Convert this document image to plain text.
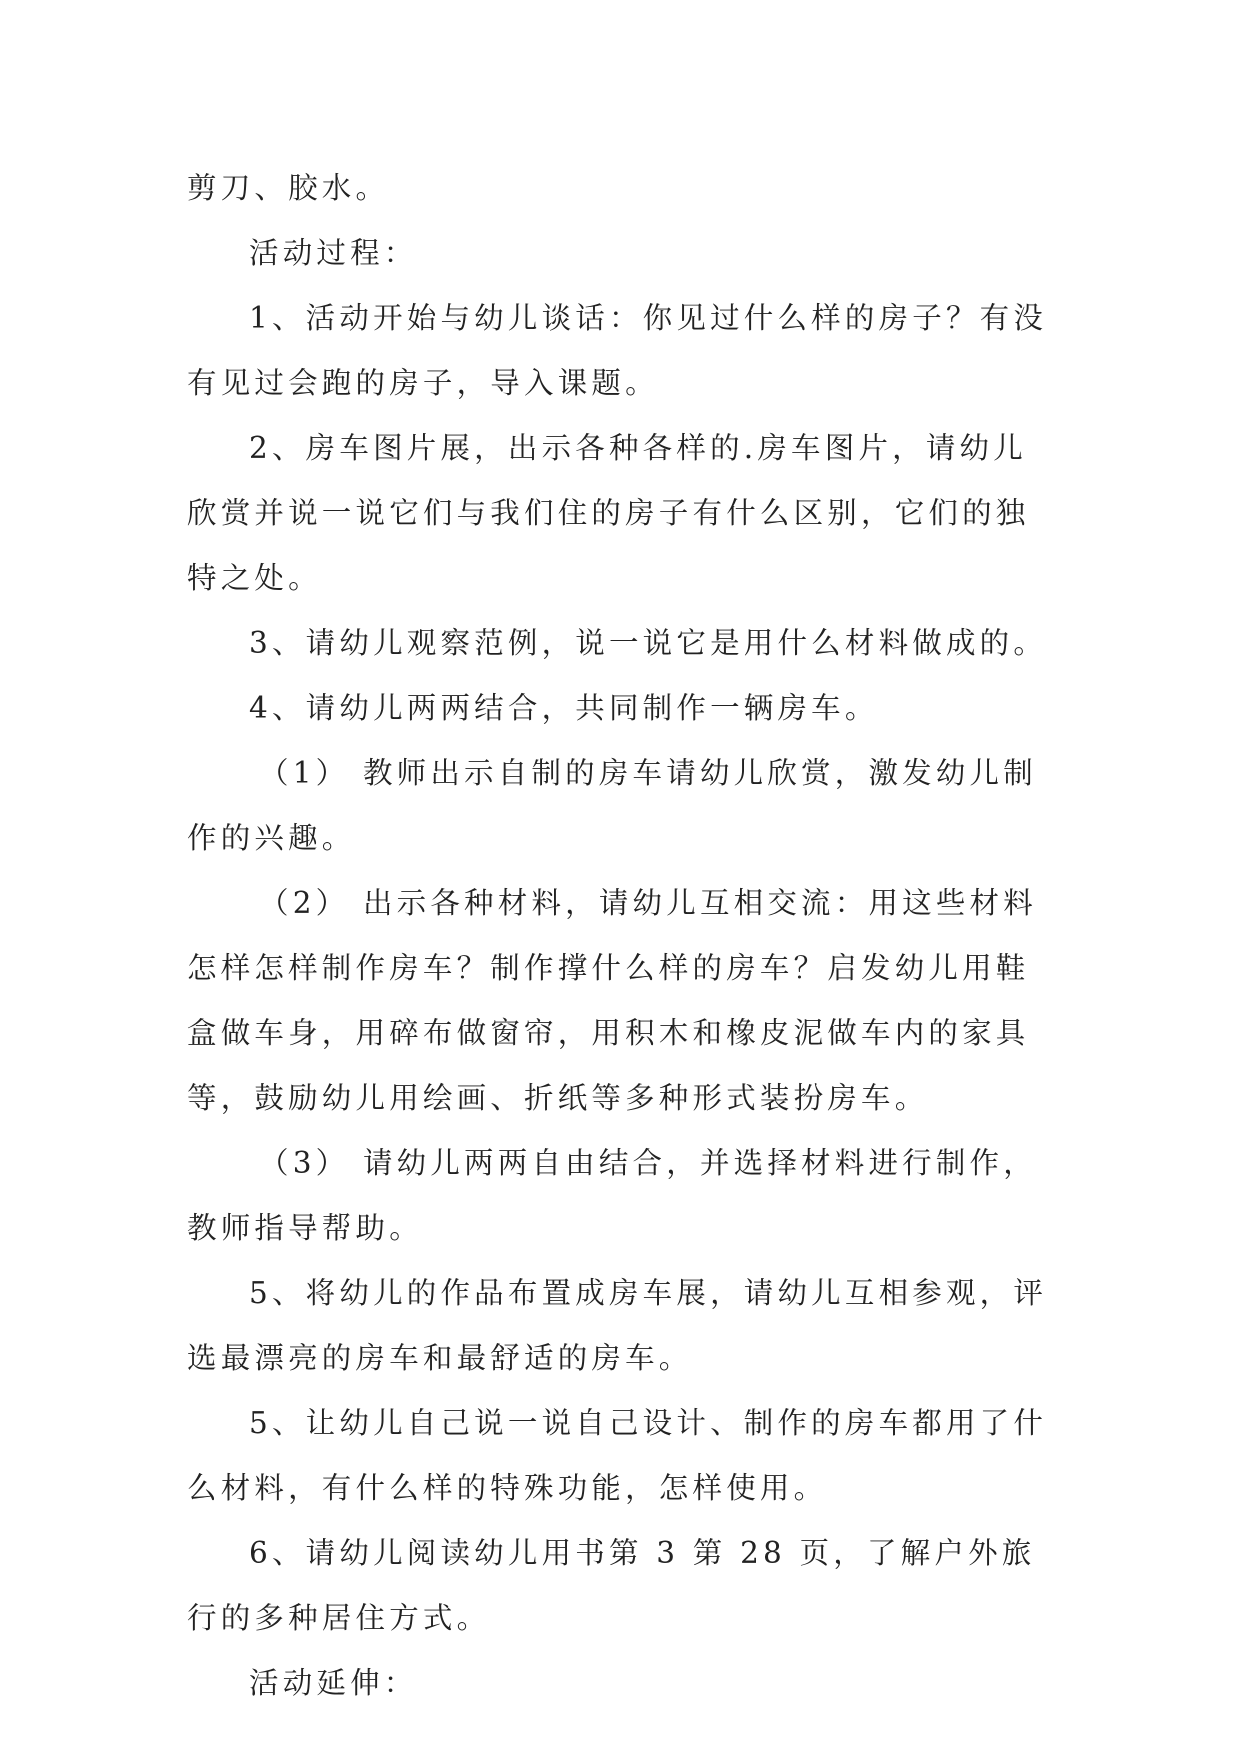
剪刀、胶水。

活动过程：

1、活动开始与幼儿谈话：你见过什么样的房子？有没有见过会跑的房子，导入课题。

2、房车图片展，出示各种各样的.房车图片，请幼儿欣赏并说一说它们与我们住的房子有什么区别，它们的独特之处。

3、请幼儿观察范例，说一说它是用什么材料做成的。

4、请幼儿两两结合，共同制作一辆房车。

（1） 教师出示自制的房车请幼儿欣赏，激发幼儿制作的兴趣。

（2） 出示各种材料，请幼儿互相交流：用这些材料怎样怎样制作房车？制作撑什么样的房车？启发幼儿用鞋盒做车身，用碎布做窗帘，用积木和橡皮泥做车内的家具等，鼓励幼儿用绘画、折纸等多种形式装扮房车。

（3） 请幼儿两两自由结合，并选择材料进行制作，教师指导帮助。

5、将幼儿的作品布置成房车展，请幼儿互相参观，评选最漂亮的房车和最舒适的房车。

5、让幼儿自己说一说自己设计、制作的房车都用了什么材料，有什么样的特殊功能，怎样使用。

6、请幼儿阅读幼儿用书第 3 第 28 页，了解户外旅行的多种居住方式。

活动延伸：
